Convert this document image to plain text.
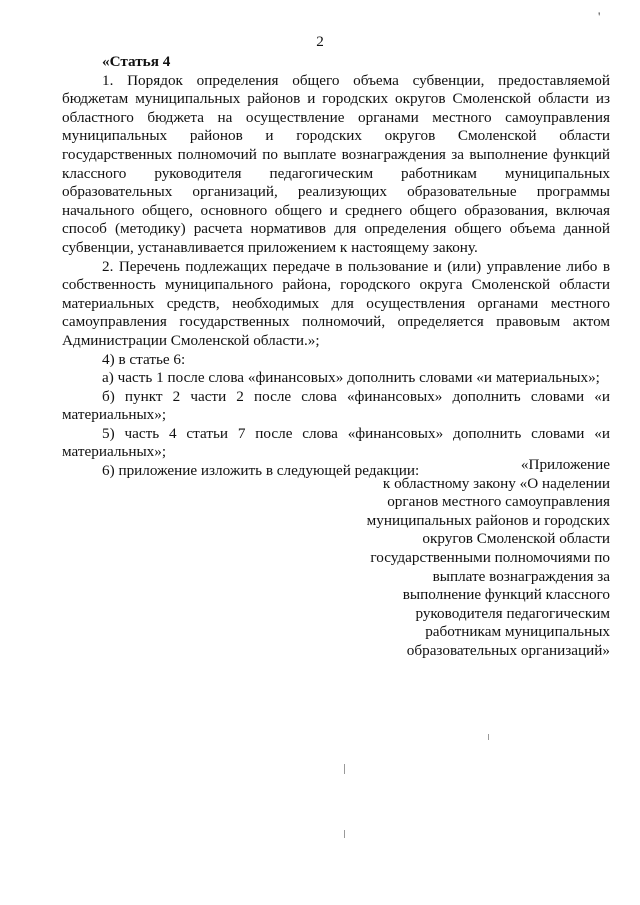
2
'

«Статья 4

1. Порядок определения общего объема субвенции, предоставляемой бюджетам муниципальных районов и городских округов Смоленской области из областного бюджета на осуществление органами местного самоуправления муниципальных районов и городских округов Смоленской области государственных полномочий по выплате вознаграждения за выполнение функций классного руководителя педагогическим работникам муниципальных образовательных организаций, реализующих образовательные программы начального общего, основного общего и среднего общего образования, включая способ (методику) расчета нормативов для определения общего объема данной субвенции, устанавливается приложением к настоящему закону.

2. Перечень подлежащих передаче в пользование и (или) управление либо в собственность муниципального района, городского округа Смоленской области материальных средств, необходимых для осуществления органами местного самоуправления государственных полномочий, определяется правовым актом Администрации Смоленской области.»;

4) в статье 6:

а) часть 1 после слова «финансовых» дополнить словами «и материальных»;

б) пункт 2 части 2 после слова «финансовых» дополнить словами «и материальных»;

5) часть 4 статьи 7 после слова «финансовых» дополнить словами «и материальных»;

6) приложение изложить в следующей редакции:	«Приложение
к областному закону «О наделении
органов местного самоуправления
муниципальных районов и городских
округов Смоленской области
государственными полномочиями по
выплате вознаграждения за
выполнение функций классного
руководителя педагогическим
работникам муниципальных
образовательных организаций»
